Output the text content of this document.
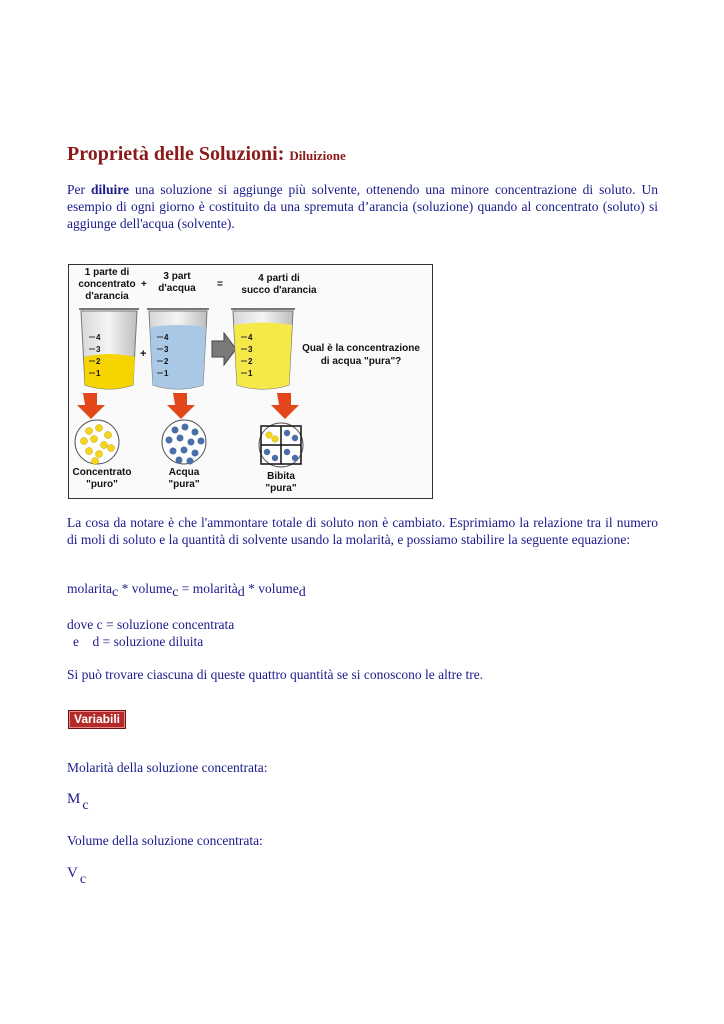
Proprietà delle Soluzioni: Diluizione

Per diluire una soluzione si aggiunge più solvente, ottenendo una minore concentrazione di soluto. Un esempio di ogni giorno è costituito da una spremuta d’arancia (soluzione) quando al concentrato (soluto) si aggiunge dell'acqua (solvente).

1 parte di
concentrato
d'arancia
+
3 part
d'acqua =
4 parti di
succo d'arancia
4
3
2
1
+
4
3
2
1
4
3
2
1
Qual è la concentrazione
di acqua "pura"?
Concentrato
"puro"
Acqua
"pura"
Bibita
"pura"

La cosa da notare è che l'ammontare totale di soluto non è cambiato. Esprimiamo la relazione tra il numero di moli di soluto e la quantità di solvente usando la molarità, e possiamo stabilire la seguente equazione:

molarita$_c$ * volume$_c$ = molarità$_d$ * volume$_d$

dove c = soluzione concentrata

e    d = soluzione diluita

Si può trovare ciascuna di queste quattro quantità se si conoscono le altre tre.

Variabili

Molarità della soluzione concentrata:

M $_c$

Volume della soluzione concentrata:

V $_c$
